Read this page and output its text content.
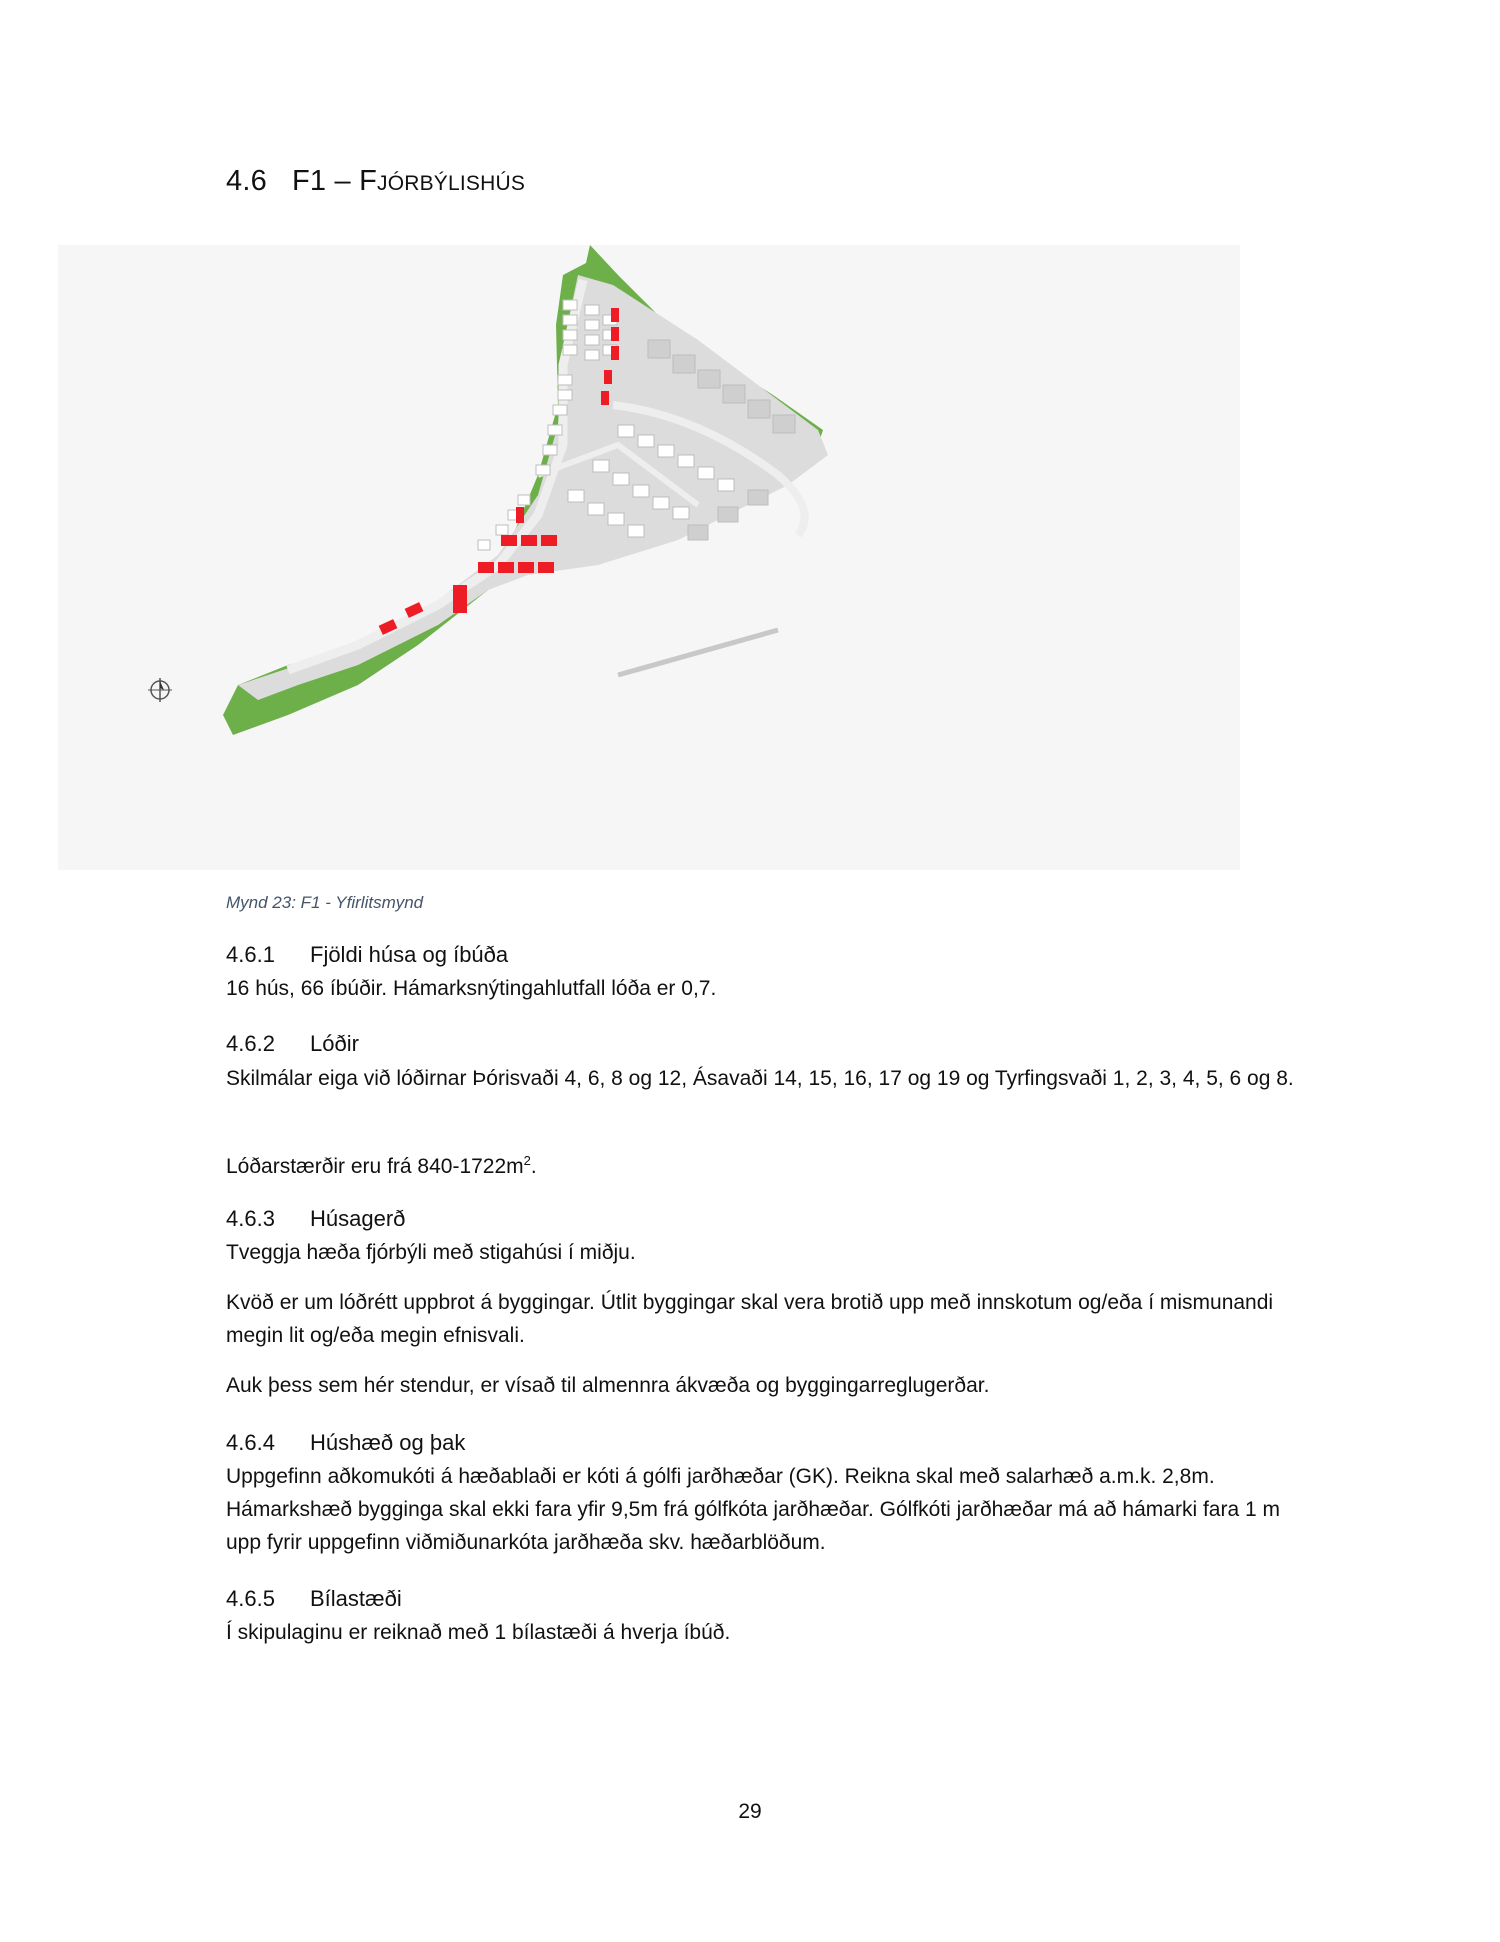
4.6 F1 – FJÓRBÝLISHÚS
Mynd 23: F1 - Yfirlitsmynd
4.6.1 Fjöldi húsa og íbúða
16 hús, 66 íbúðir. Hámarksnýtingahlutfall lóða er 0,7.
4.6.2 Lóðir
Skilmálar eiga við lóðirnar Þórisvaði 4, 6, 8 og 12, Ásavaði 14, 15, 16, 17 og 19 og Tyrfingsvaði 1, 2, 3, 4, 5, 6 og 8.
Lóðarstærðir eru frá $840-1722m^2$.
4.6.3 Húsagerð
Tveggja hæða fjórbýli með stigahúsi í miðju.
Kvöð er um lóðrétt uppbrot á byggingar. Útlit byggingar skal vera brotið upp með innskotum og/eða í mismunandi megin lit og/eða megin efnisvali.
Auk þess sem hér stendur, er vísað til almennra ákvæða og byggingarreglugerðar.
4.6.4 Húshæð og þak
Uppgefinn aðkomukóti á hæðablaði er kóti á gólfi jarðhæðar (GK). Reikna skal með salarhæð a.m.k. 2,8m. Hámarkshæð bygginga skal ekki fara yfir 9,5m frá gólfkóta jarðhæðar. Gólfkóti jarðhæðar má að hámarki fara 1 m upp fyrir uppgefinn viðmiðunarkóta jarðhæða skv. hæðarblöðum.
4.6.5 Bílastæði
Í skipulaginu er reiknað með 1 bílastæði á hverja íbúð.
29
